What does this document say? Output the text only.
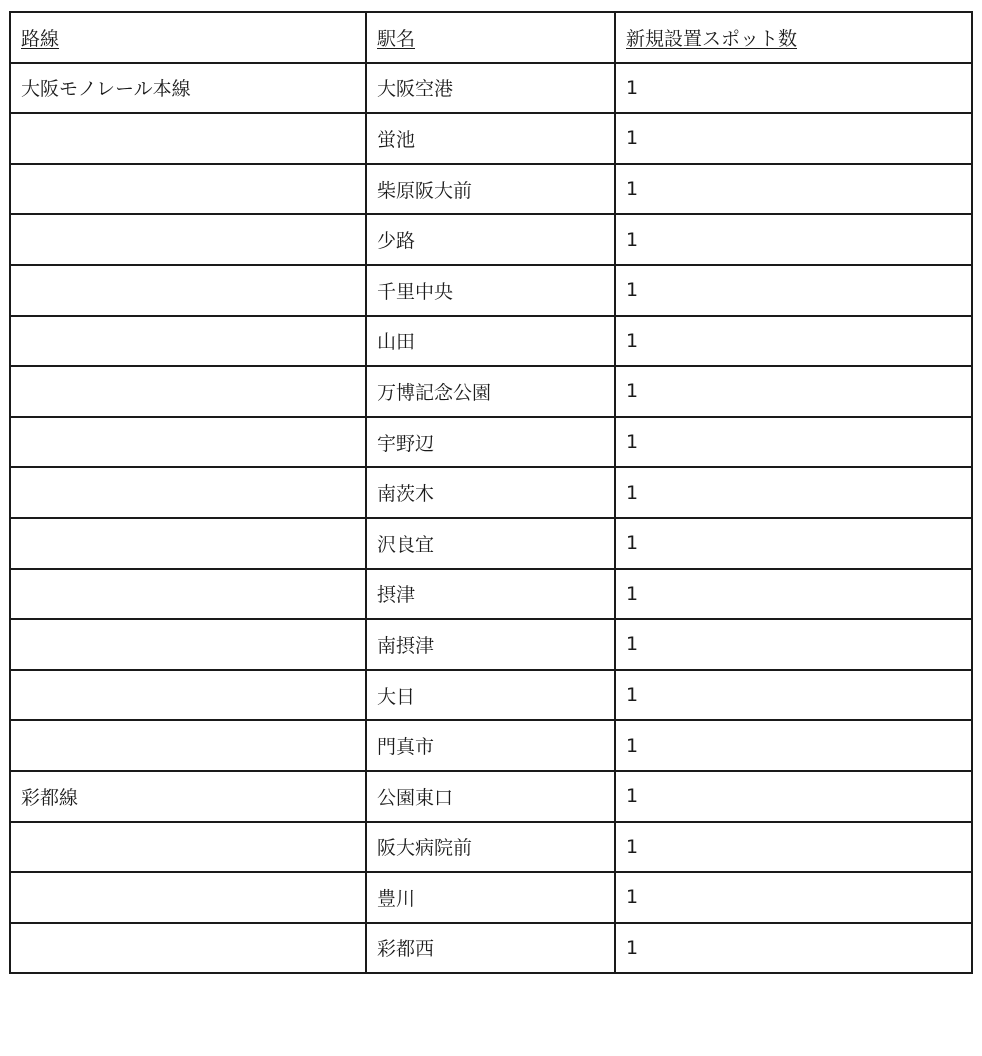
路線	駅名	新規設置スポット数
大阪モノレール本線	大阪空港	1
	蛍池	1
	柴原阪大前	1
	少路	1
	千里中央	1
	山田	1
	万博記念公園	1
	宇野辺	1
	南茨木	1
	沢良宜	1
	摂津	1
	南摂津	1
	大日	1
	門真市	1
彩都線	公園東口	1
	阪大病院前	1
	豊川	1
	彩都西	1
